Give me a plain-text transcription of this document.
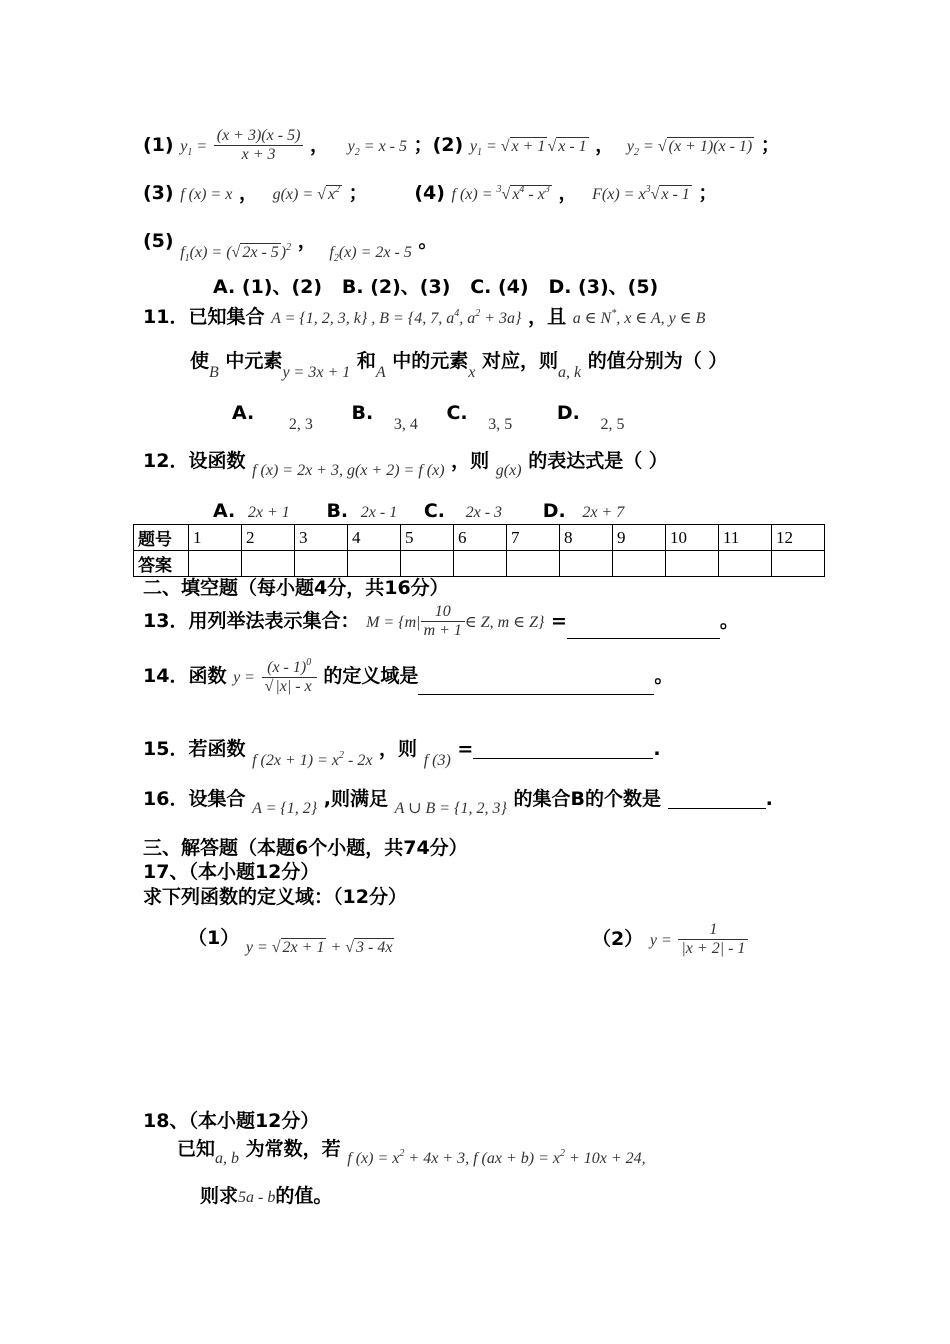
(1) $y_1 = \frac{(x + 3)(x - 5)}{x + 3}$ ， $y_2 = x - 5$ ；(2) $y_1$ = √ x + 1 √ x - 1 ， $y_2$ = √ (x + 1)(x - 1) ；
(3) f (x) = x ， g(x) = √ $x^2$ ； (4) f (x) = $^3$√ $x^4 - x^3$ ， $F(x) = x^3√$ x - 1 ；
(5) $_{f_1(x) = (√ 2x - 5 )^2}$ ， $_{f_2(x) = 2x - 5}$ 。
A. (1)、(2)   B. (2)、(3)   C. (4)   D. (3)、(5)
11．已知集合 A = {1, 2, 3, k} , B = {4, 7, $a^4$, $a^2 + 3a$} ，且 a ∈ N*, x ∈ A, y ∈ B
使$_B$ 中元素$_{y = 3x + 1}$ 和$_A$ 中的元素$_x$ 对应，则$_{a, k}$ 的值分别为（ ）
A. $_{2, 3}$ B. $_{3, 4}$ C. $_{3, 5}$ D. $_{2, 5}$
12．设函数 $_{f (x) = 2x + 3, g(x + 2) = f (x)}$ ，则 $_{g(x)}$ 的表达式是（ ）
A. 2x + 1 B. 2x - 1 C. 2x - 3 D. 2x + 7
题号	1	2	3	4	5	6	7	8	9	10	11	12
答案												
二、填空题（每小题4分，共16分）
13．用列举法表示集合： $M = \{m| \frac{10}{m + 1}$ ∈ Z, m ∈ Z} =	。
14．函数 $y = \frac{(x - 1)^0}{√ |x| - x}$ 的定义域是	。
15．若函数 $_{f (2x + 1) = x^2 - 2x}$ ，则 $_{f (3)}$ =	.
16．设集合 $_{A = \{1, 2\}}$ ,则满足 $_{A \cup B = \{1, 2, 3\}}$ 的集合B的个数是	.
三、解答题（本题6个小题，共74分）
17、（本小题12分）
求下列函数的定义域：（12分）
（1） $_{y = √ 2x + 1 + √ 3 - 4x}$	（2） $y = \frac{1}{|x + 2| - 1}$
18、（本小题12分）
已知$_{a, b}$ 为常数，若 $_{f (x) = x^2 + 4x + 3, f (ax + b) = x^2 + 10x + 24,}$
则求5a - b的值。
